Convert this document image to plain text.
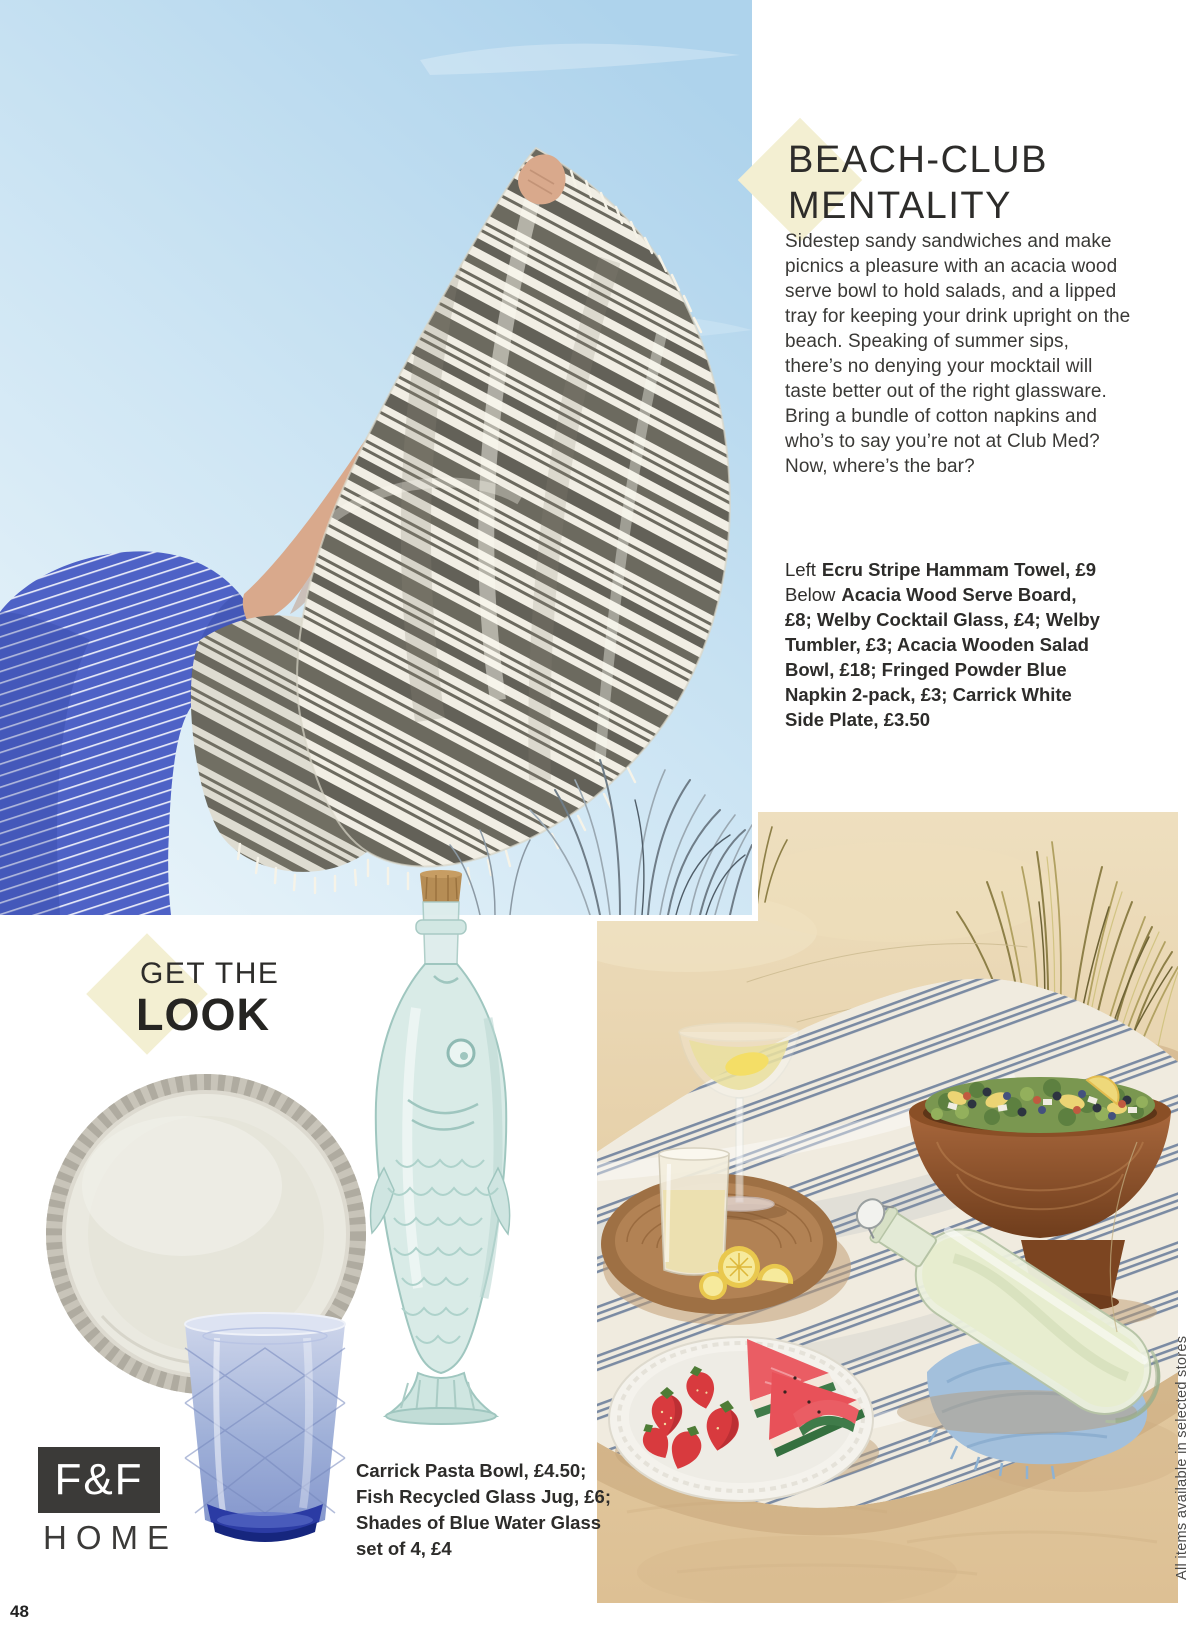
BEACH-CLUB
MENTALITY

Sidestep sandy sandwiches and make picnics a pleasure with an acacia wood serve bowl to hold salads, and a lipped tray for keeping your drink upright on the beach. Speaking of summer sips, there’s no denying your mocktail will taste better out of the right glassware. Bring a bundle of cotton napkins and who’s to say you’re not at Club Med? Now, where’s the bar?

Left Ecru Stripe Hammam Towel, £9

Below Acacia Wood Serve Board, £8; Welby Cocktail Glass, £4; Welby Tumbler, £3; Acacia Wooden Salad Bowl, £18; Fringed Powder Blue Napkin 2-pack, £3; Carrick White Side Plate, £3.50

GET THE
LOOK

Carrick Pasta Bowl, £4.50; Fish Recycled Glass Jug, £6; Shades of Blue Water Glass set of 4, £4

F&F
HOME	All items available in selected stores
48
